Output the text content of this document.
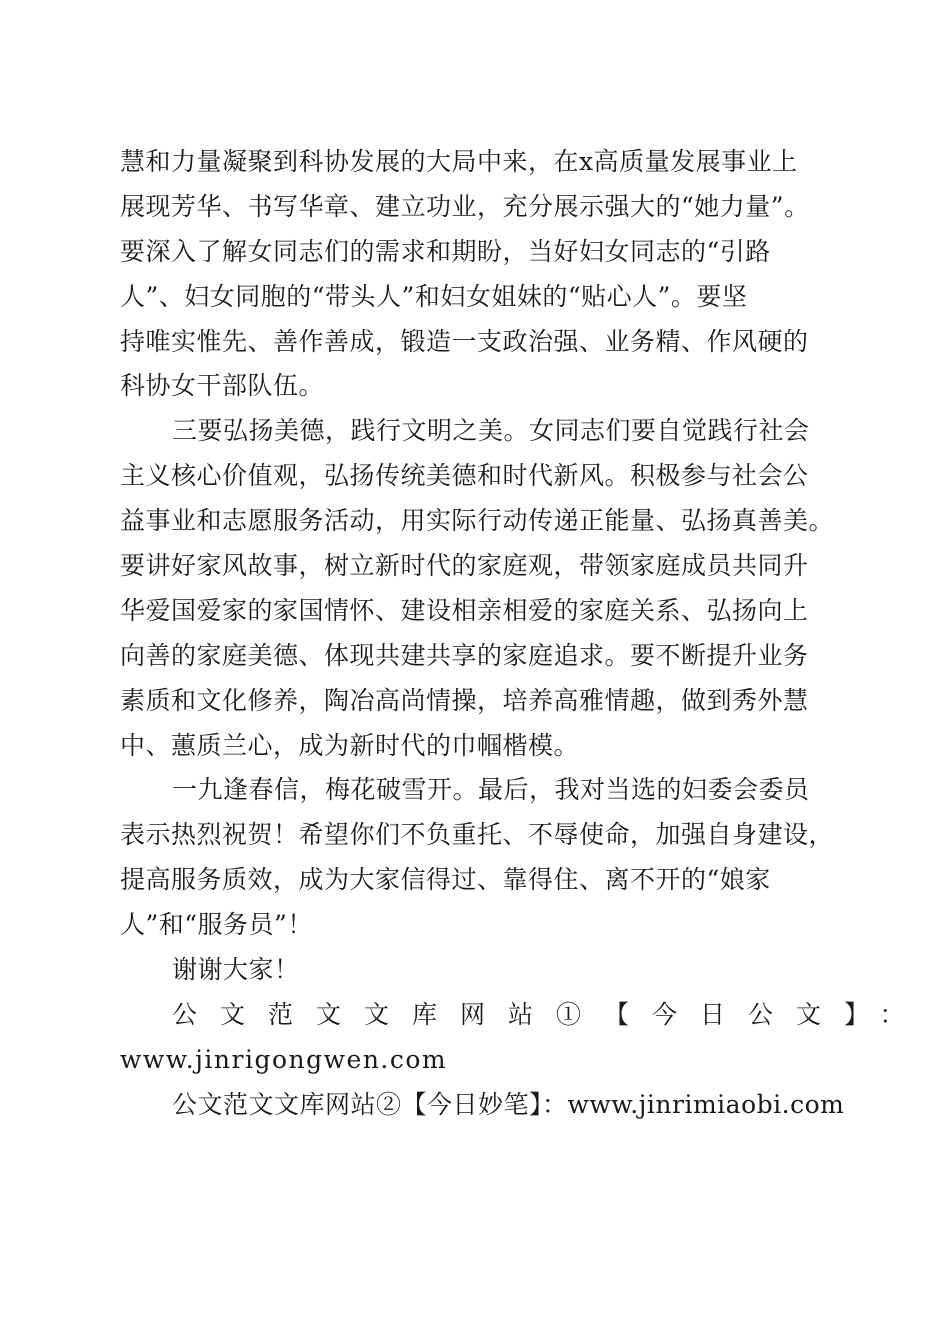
慧和力量凝聚到科协发展的大局中来，在x高质量发展事业上
展现芳华、书写华章、建立功业，充分展示强大的“她力量”。
要深入了解女同志们的需求和期盼，当好妇女同志的“引路
人”、妇女同胞的“带头人”和妇女姐妹的“贴心人”。要坚
持唯实惟先、善作善成，锻造一支政治强、业务精、作风硬的
科协女干部队伍。
三要弘扬美德，践行文明之美。女同志们要自觉践行社会
主义核心价值观，弘扬传统美德和时代新风。积极参与社会公
益事业和志愿服务活动，用实际行动传递正能量、弘扬真善美。
要讲好家风故事，树立新时代的家庭观，带领家庭成员共同升
华爱国爱家的家国情怀、建设相亲相爱的家庭关系、弘扬向上
向善的家庭美德、体现共建共享的家庭追求。要不断提升业务
素质和文化修养，陶冶高尚情操，培养高雅情趣，做到秀外慧
中、蕙质兰心，成为新时代的巾帼楷模。
一九逢春信，梅花破雪开。最后，我对当选的妇委会委员
表示热烈祝贺！希望你们不负重托、不辱使命，加强自身建设，
提高服务质效，成为大家信得过、靠得住、离不开的“娘家
人”和“服务员”！
谢谢大家！
公文范文文库网站①【今日公文】：
www.jinrigongwen.com
公文范文文库网站②【今日妙笔】：www.jinrimiaobi.com
